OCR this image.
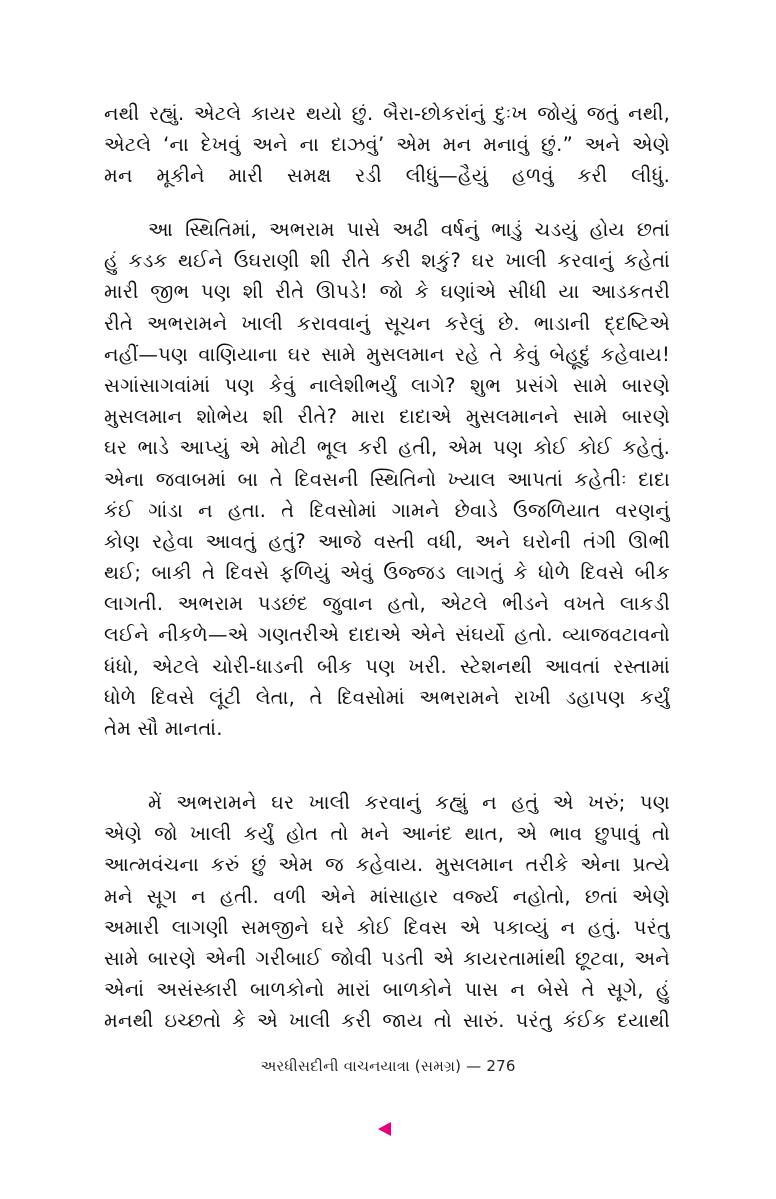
નથી રહ્યું. એટલે કાયર થયો છું. બૈરા-છોકરાંનું દુઃખ જોયું જતું નથી,
એટલે ‘ના દેખવું અને ના દાઝવું’ એમ મન મનાવું છું.” અને એણે
મન મૂકીને મારી સમક્ષ રડી લીધું—હૈયું હળવું કરી લીધું.
આ સ્થિતિમાં, અભરામ પાસે અઢી વર્ષનું ભાડું ચડયું હોય છતાં
હું કડક થઈને ઉઘરાણી શી રીતે કરી શકું? ઘર ખાલી કરવાનું કહેતાં
મારી જીભ પણ શી રીતે ઊપડે! જો કે ઘણાંએ સીધી યા આડકતરી
રીતે અભરામને ખાલી કરાવવાનું સૂચન કરેલું છે. ભાડાની દ્દષ્ટિએ
નહીં—પણ વાણિયાના ઘર સામે મુસલમાન રહે તે કેવું બેહૂદું કહેવાય!
સગાંસાગવાંમાં પણ કેવું નાલેશીભર્યું લાગે? શુભ પ્રસંગે સામે બારણે
મુસલમાન શોભેય શી રીતે? મારા દાદાએ મુસલમાનને સામે બારણે
ઘર ભાડે આપ્યું એ મોટી ભૂલ કરી હતી, એમ પણ કોઈ કોઈ કહેતું.
એના જવાબમાં બા તે દિવસની સ્થિતિનો ખ્યાલ આપતાં કહેતીઃ દાદા
કંઈ ગાંડા ન હતા. તે દિવસોમાં ગામને છેવાડે ઉજળિયાત વરણનું
કોણ રહેવા આવતું હતું? આજે વસ્તી વધી, અને ઘરોની તંગી ઊભી
થઈ; બાકી તે દિવસે ફળિયું એવું ઉજ્જડ લાગતું કે ધોળે દિવસે બીક
લાગતી. અભરામ પડછંદ જુવાન હતો, એટલે ભીડને વખતે લાકડી
લઈને નીકળે—એ ગણતરીએ દાદાએ એને સંઘર્યો હતો. વ્યાજવટાવનો
ધંધો, એટલે ચોરી-ધાડની બીક પણ ખરી. સ્ટેશનથી આવતાં રસ્તામાં
ધોળે દિવસે લૂંટી લેતા, તે દિવસોમાં અભરામને રાખી ડહાપણ કર્યું
તેમ સૌ માનતાં.
મેં અભરામને ઘર ખાલી કરવાનું કહ્યું ન હતું એ ખરું; પણ
એણે જો ખાલી કર્યું હોત તો મને આનંદ થાત, એ ભાવ છુપાવું તો
આત્મવંચના કરું છું એમ જ કહેવાય. મુસલમાન તરીકે એના પ્રત્યે
મને સૂગ ન હતી. વળી એને માંસાહાર વર્જ્ય નહોતો, છતાં એણે
અમારી લાગણી સમજીને ઘરે કોઈ દિવસ એ પકાવ્યું ન હતું. પરંતુ
સામે બારણે એની ગરીબાઈ જોવી પડતી એ કાયરતામાંથી છૂટવા, અને
એનાં અસંસ્કારી બાળકોનો મારાં બાળકોને પાસ ન બેસે તે સૂગે, હું
મનથી ઇચ્છતો કે એ ખાલી કરી જાય તો સારું. પરંતુ કંઈક દયાથી
અરધીસદીની વાચનયાત્રા (સમગ્ર) — 276
